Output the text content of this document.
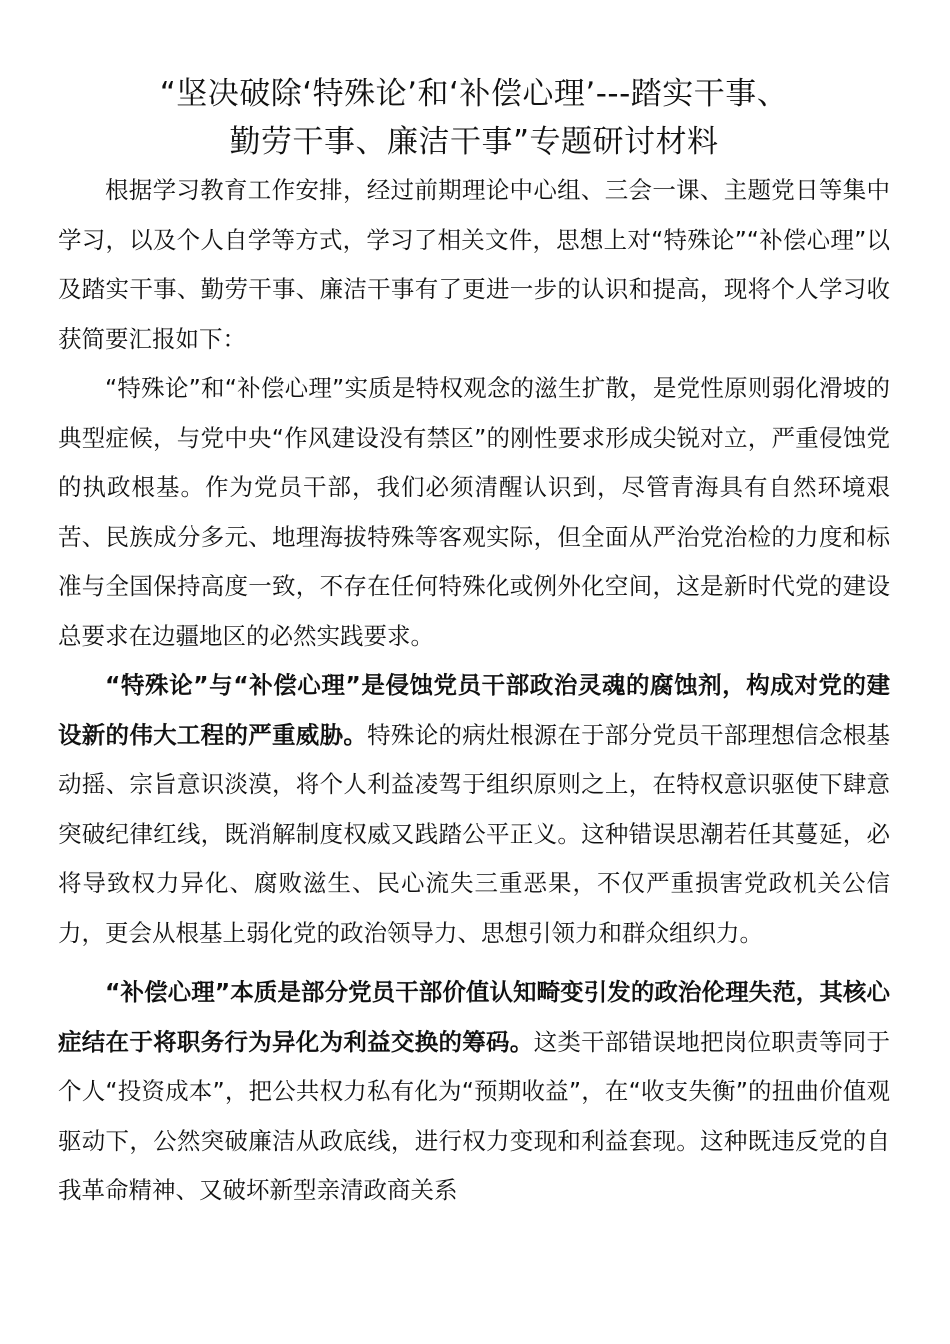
“坚决破除‘特殊论’和‘补偿心理’---踏实干事、
勤劳干事、廉洁干事”专题研讨材料

根据学习教育工作安排，经过前期理论中心组、三会一课、主题党日等集中学习，以及个人自学等方式，学习了相关文件，思想上对“特殊论”“补偿心理”以及踏实干事、勤劳干事、廉洁干事有了更进一步的认识和提高，现将个人学习收获简要汇报如下：

“特殊论”和“补偿心理”实质是特权观念的滋生扩散，是党性原则弱化滑坡的典型症候，与党中央“作风建设没有禁区”的刚性要求形成尖锐对立，严重侵蚀党的执政根基。作为党员干部，我们必须清醒认识到，尽管青海具有自然环境艰苦、民族成分多元、地理海拔特殊等客观实际，但全面从严治党治检的力度和标准与全国保持高度一致，不存在任何特殊化或例外化空间，这是新时代党的建设总要求在边疆地区的必然实践要求。

“特殊论”与“补偿心理”是侵蚀党员干部政治灵魂的腐蚀剂，构成对党的建设新的伟大工程的严重威胁。特殊论的病灶根源在于部分党员干部理想信念根基动摇、宗旨意识淡漠，将个人利益凌驾于组织原则之上，在特权意识驱使下肆意突破纪律红线，既消解制度权威又践踏公平正义。这种错误思潮若任其蔓延，必将导致权力异化、腐败滋生、民心流失三重恶果，不仅严重损害党政机关公信力，更会从根基上弱化党的政治领导力、思想引领力和群众组织力。

“补偿心理”本质是部分党员干部价值认知畸变引发的政治伦理失范，其核心症结在于将职务行为异化为利益交换的筹码。这类干部错误地把岗位职责等同于个人“投资成本”，把公共权力私有化为“预期收益”，在“收支失衡”的扭曲价值观驱动下，公然突破廉洁从政底线，进行权力变现和利益套现。这种既违反党的自我革命精神、又破坏新型亲清政商关系
